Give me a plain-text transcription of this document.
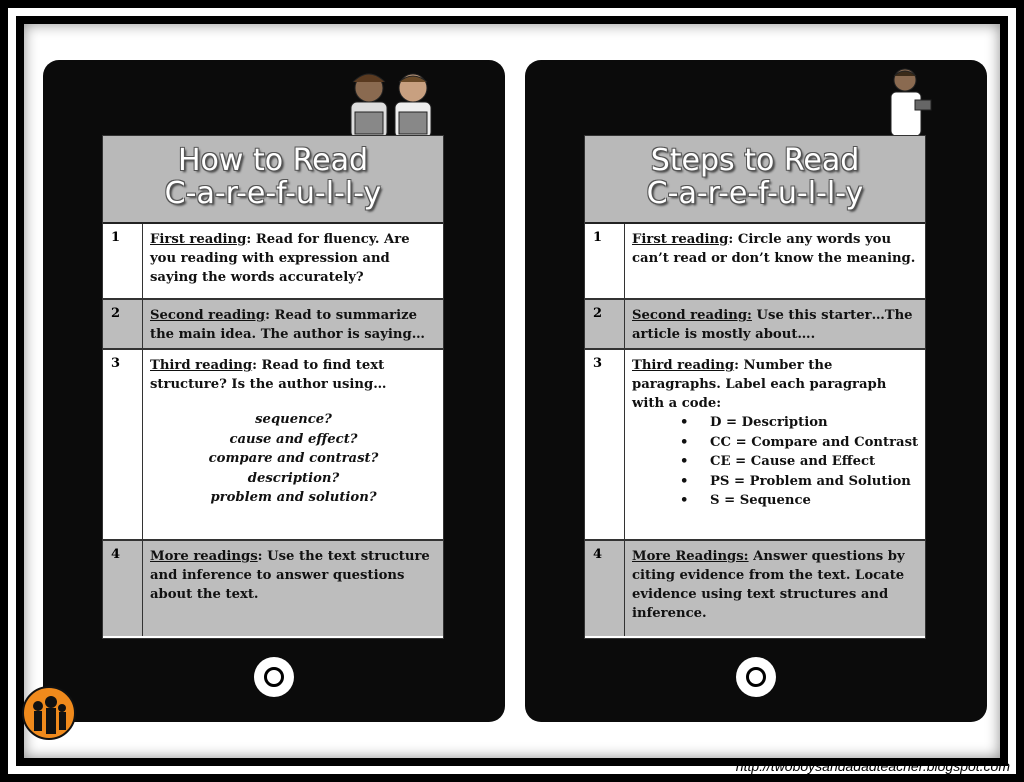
How to Read
C-a-r-e-f-u-l-l-y
1	First reading: Read for fluency. Are you reading with expression and saying the words accurately?
2	Second reading: Read to summarize the main idea. The author is saying…
3	Third reading: Read to find text structure? Is the author using…
sequence?
cause and effect?
compare and contrast?
description?
problem and solution?
4	More readings: Use the text structure and inference to answer questions about the text.
Steps to Read
C-a-r-e-f-u-l-l-y
1	First reading: Circle any words you can’t read or don’t know the meaning.
2	Second reading: Use this starter…The article is mostly about….
3	Third reading: Number the paragraphs. Label each paragraph with a code:
• D = Description
• CC = Compare and Contrast
• CE = Cause and Effect
• PS = Problem and Solution
• S = Sequence
4	More Readings: Answer questions by citing evidence from the text. Locate evidence using text structures and inference.
http://twoboysandadadteacher.blogspot.com
